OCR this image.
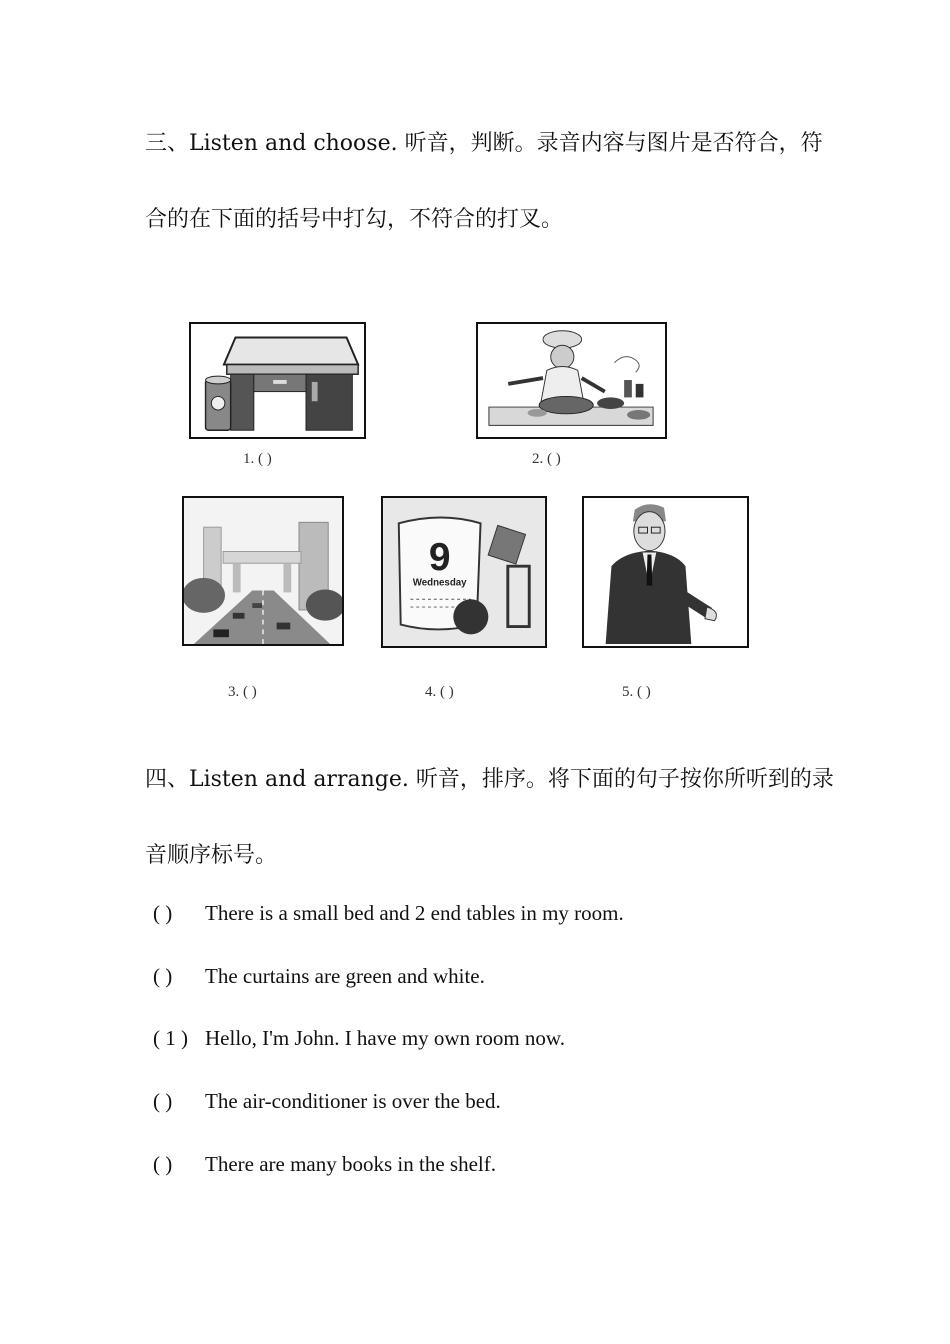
三、Listen and choose. 听音，判断。录音内容与图片是否符合，符
合的在下面的括号中打勾，不符合的打叉。
1. ( )	2. ( )
3. ( )
9
Wednesday
4. ( )	5. ( )
四、Listen and arrange. 听音，排序。将下面的句子按你所听到的录
音顺序标号。
( ) There is a small bed and 2 end tables in my room.
( ) The curtains are green and white.
( 1 ) Hello, I'm John. I have my own room now.
( ) The air-conditioner is over the bed.
( ) There are many books in the shelf.
